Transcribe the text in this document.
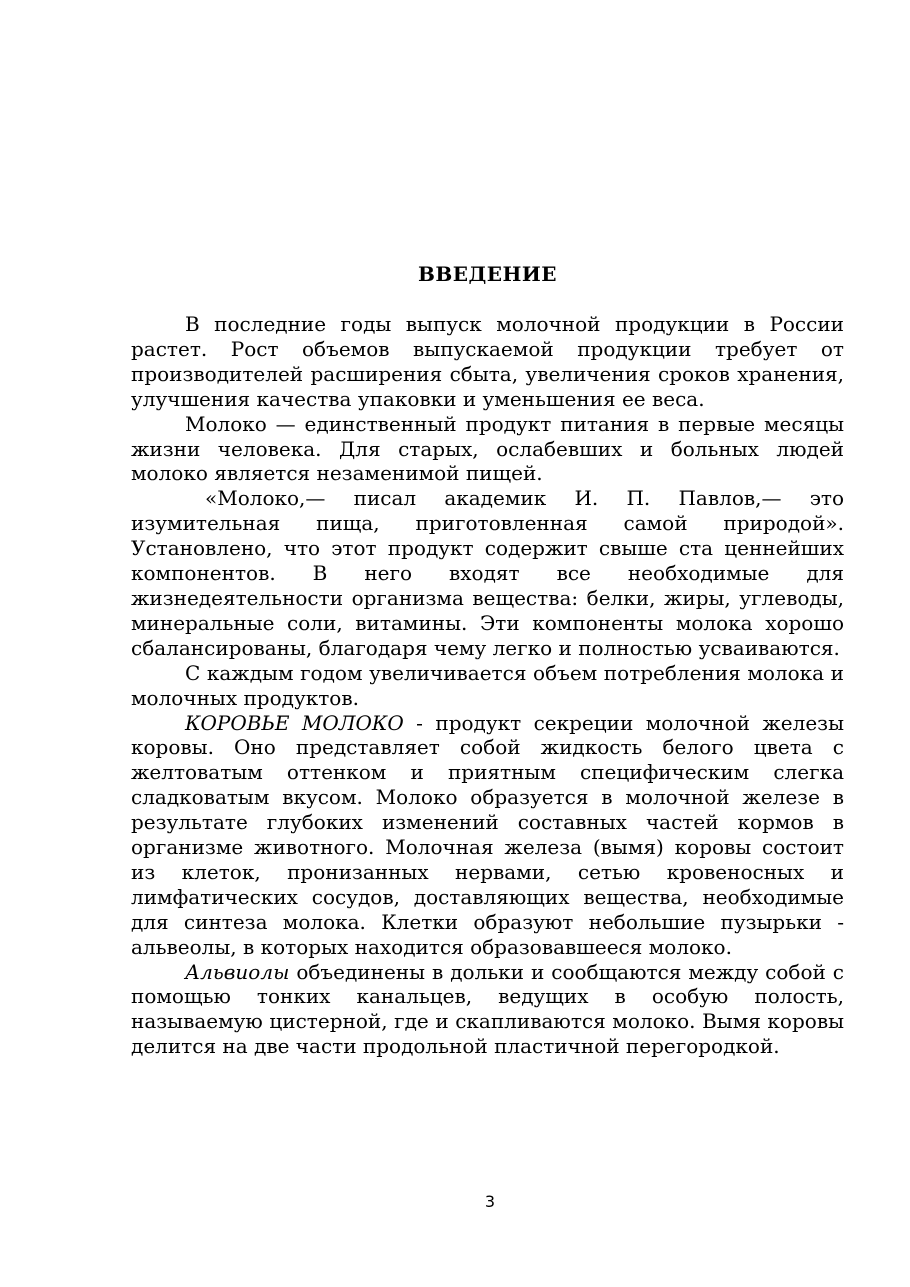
ВВЕДЕНИЕ

В последние годы выпуск молочной продукции в России растет. Рост объемов выпускаемой продукции требует от производителей расширения сбыта, увеличения сроков хранения, улучшения качества упаковки и уменьшения ее веса.

Молоко — единственный продукт питания в первые месяцы жизни человека. Для старых, ослабевших и больных людей молоко является незаменимой пищей.

«Молоко,— писал академик И. П. Павлов,— это изумительная пища, приготовленная самой природой». Установлено, что этот продукт содержит свыше ста ценнейших компонентов. В него входят все необходимые для жизнедеятельности организма вещества: белки, жиры, углеводы, минеральные соли, витамины. Эти компоненты молока хорошо сбалансированы, благодаря чему легко и полностью усваиваются.

С каждым годом увеличивается объем потребления молока и молочных продуктов.

КОРОВЬЕ МОЛОКО - продукт секреции молочной железы коровы. Оно представляет собой жидкость белого цвета с желтоватым оттенком и приятным специфическим слегка сладковатым вкусом. Молоко образуется в молочной железе в результате глубоких изменений составных частей кормов в организме животного. Молочная железа (вымя) коровы состоит из клеток, пронизанных нервами, сетью кровеносных и лимфатических сосудов, доставляющих вещества, необходимые для синтеза молока. Клетки образуют небольшие пузырьки - альвеолы, в которых находится образовавшееся молоко.

Альвиолы объединены в дольки и сообщаются между собой с помощью тонких канальцев, ведущих в особую полость, называемую цистерной, где и скапливаются молоко. Вымя коровы делится на две части продольной пластичной перегородкой.

3
